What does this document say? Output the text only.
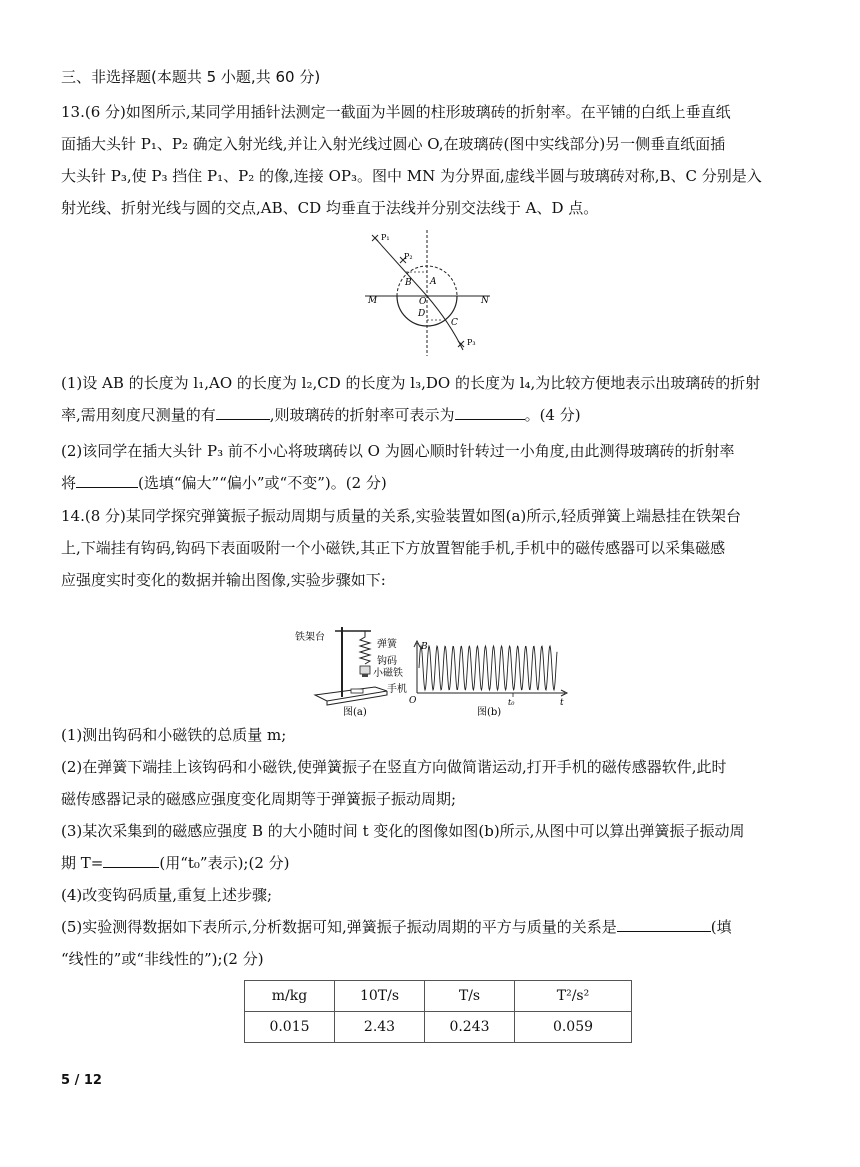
三、非选择题(本题共 5 小题,共 60 分)
13.(6 分)如图所示,某同学用插针法测定一截面为半圆的柱形玻璃砖的折射率。在平铺的白纸上垂直纸
面插大头针 P₁、P₂ 确定入射光线,并让入射光线过圆心 O,在玻璃砖(图中实线部分)另一侧垂直纸面插
大头针 P₃,使 P₃ 挡住 P₁、P₂ 的像,连接 OP₃。图中 MN 为分界面,虚线半圆与玻璃砖对称,B、C 分别是入
射光线、折射光线与圆的交点,AB、CD 均垂直于法线并分别交法线于 A、D 点。
P₁
P₂
P₃
A
B
C
D
O
M	N
(1)设 AB 的长度为 l₁,AO 的长度为 l₂,CD 的长度为 l₃,DO 的长度为 l₄,为比较方便地表示出玻璃砖的折射
率,需用刻度尺测量的有	,则玻璃砖的折射率可表示为	。(4 分)
(2)该同学在插大头针 P₃ 前不小心将玻璃砖以 O 为圆心顺时针转过一小角度,由此测得玻璃砖的折射率
将	(选填“偏大”“偏小”或“不变”)。(2 分)
14.(8 分)某同学探究弹簧振子振动周期与质量的关系,实验装置如图(a)所示,轻质弹簧上端悬挂在铁架台
上,下端挂有钩码,钩码下表面吸附一个小磁铁,其正下方放置智能手机,手机中的磁传感器可以采集磁感
应强度实时变化的数据并输出图像,实验步骤如下:
铁架台
弹簧
钩码
小磁铁
手机
图(a)
B
t
O	t₀
图(b)
(1)测出钩码和小磁铁的总质量 m;
(2)在弹簧下端挂上该钩码和小磁铁,使弹簧振子在竖直方向做简谐运动,打开手机的磁传感器软件,此时
磁传感器记录的磁感应强度变化周期等于弹簧振子振动周期;
(3)某次采集到的磁感应强度 B 的大小随时间 t 变化的图像如图(b)所示,从图中可以算出弹簧振子振动周
期 T=	(用“t₀”表示);(2 分)
(4)改变钩码质量,重复上述步骤;
(5)实验测得数据如下表所示,分析数据可知,弹簧振子振动周期的平方与质量的关系是	(填
“线性的”或“非线性的”);(2 分)
m/kg	10T/s	T/s	T²/s²
0.015	2.43	0.243	0.059
5 / 12
